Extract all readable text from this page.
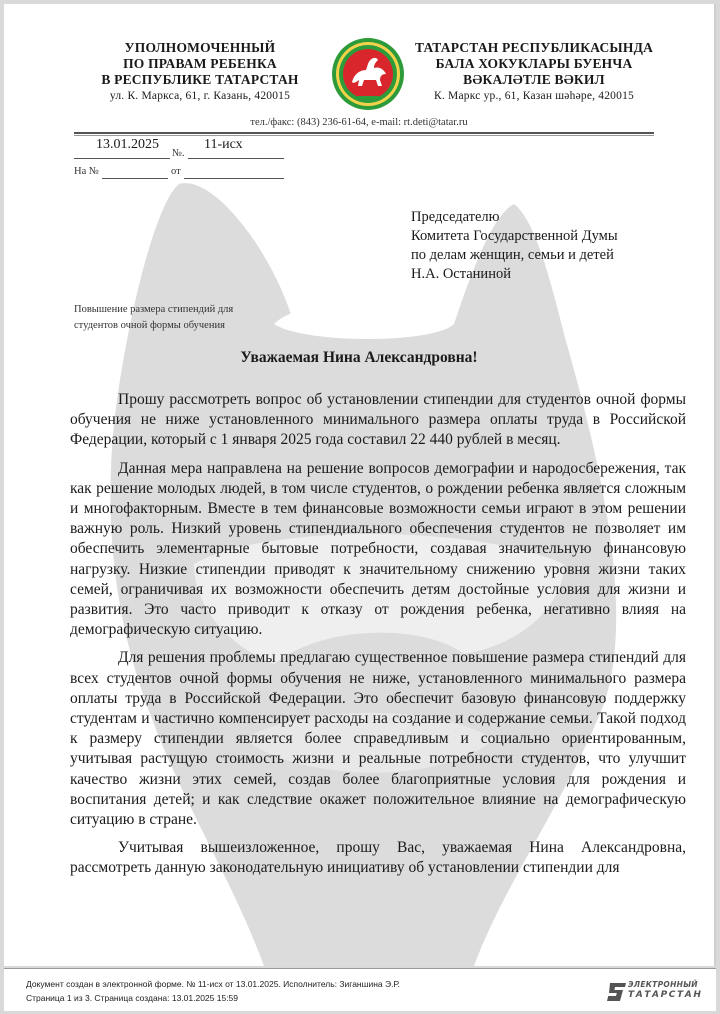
УПОЛНОМОЧЕННЫЙ
ПО ПРАВАМ РЕБЕНКА
В РЕСПУБЛИКЕ ТАТАРСТАН
ул. К. Маркса, 61, г. Казань, 420015
ТАТАРСТАН РЕСПУБЛИКАСЫНДА
БАЛА ХОКУКЛАРЫ БУЕНЧА
ВӘКАЛӘТЛЕ ВӘКИЛ
К. Маркс ур., 61, Казан шәһәре, 420015
тел./факс: (843) 236-61-64, e-mail: rt.deti@tatar.ru
13.01.2025	11-исх
№.
На №	от
Председателю
Комитета Государственной Думы
по делам женщин, семьи и детей
Н.А. Останиной
Повышение размера стипендий для
студентов очной формы обучения
Уважаемая Нина Александровна!

Прошу рассмотреть вопрос об установлении стипендии для студентов очной формы обучения не ниже установленного минимального размера оплаты труда в Российской Федерации, который с 1 января 2025 года составил 22 440 рублей в месяц.

Данная мера направлена на решение вопросов демографии и народосбережения, так как решение молодых людей, в том числе студентов, о рождении ребенка является сложным и многофакторным. Вместе в тем финансовые возможности семьи играют в этом решении важную роль. Низкий уровень стипендиального обеспечения студентов не позволяет им обеспечить элементарные бытовые потребности, создавая значительную финансовую нагрузку. Низкие стипендии приводят к значительному снижению уровня жизни таких семей, ограничивая их возможности обеспечить детям достойные условия для жизни и развития. Это часто приводит к отказу от рождения ребенка, негативно влияя на демографическую ситуацию.

Для решения проблемы предлагаю существенное повышение размера стипендий для всех студентов очной формы обучения не ниже, установленного минимального размера оплаты труда в Российской Федерации. Это обеспечит базовую финансовую поддержку студентам и частично компенсирует расходы на создание и содержание семьи. Такой подход к размеру стипендии является более справедливым и социально ориентированным, учитывая растущую стоимость жизни и реальные потребности студентов, что улучшит качество жизни этих семей, создав более благоприятные условия для рождения и воспитания детей; и как следствие окажет положительное влияние на демографическую ситуацию в стране.

Учитывая вышеизложенное, прошу Вас, уважаемая Нина Александровна, рассмотреть данную законодательную инициативу об установлении стипендии для

Документ создан в электронной форме. № 11-исх от 13.01.2025. Исполнитель: Зиганшина Э.Р.
Страница 1 из 3. Страница создана: 13.01.2025 15:59
ЭЛЕКТРОННЫЙ
ТАТАРСТАН
